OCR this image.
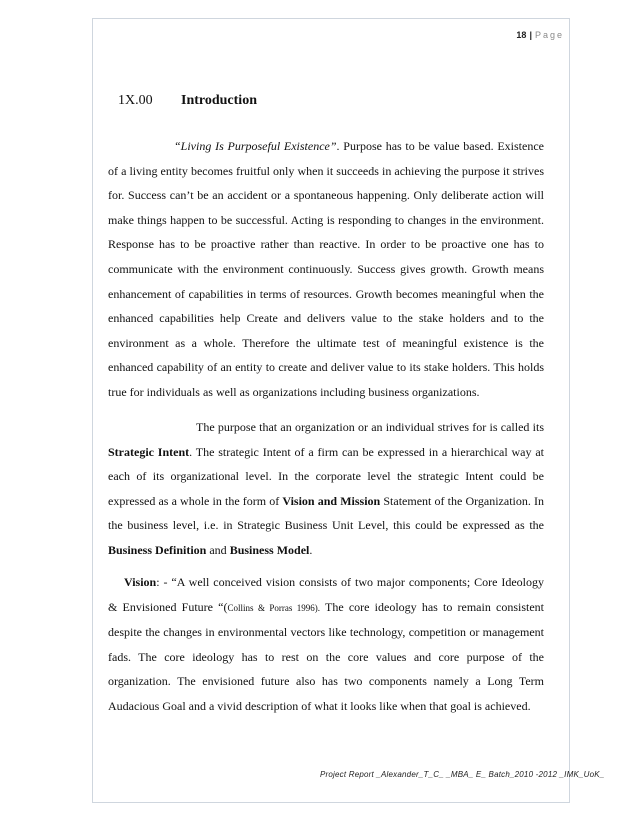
18 | Page
1X.00 Introduction

“Living Is Purposeful Existence”. Purpose has to be value based. Existence of a living entity becomes fruitful only when it succeeds in achieving the purpose it strives for. Success can’t be an accident or a spontaneous happening. Only deliberate action will make things happen to be successful. Acting is responding to changes in the environment. Response has to be proactive rather than reactive. In order to be proactive one has to communicate with the environment continuously. Success gives growth. Growth means enhancement of capabilities in terms of resources. Growth becomes meaningful when the enhanced capabilities help Create and delivers value to the stake holders and to the environment as a whole. Therefore the ultimate test of meaningful existence is the enhanced capability of an entity to create and deliver value to its stake holders. This holds true for individuals as well as organizations including business organizations.

The purpose that an organization or an individual strives for is called its Strategic Intent. The strategic Intent of a firm can be expressed in a hierarchical way at each of its organizational level. In the corporate level the strategic Intent could be expressed as a whole in the form of Vision and Mission Statement of the Organization. In the business level, i.e. in Strategic Business Unit Level, this could be expressed as the Business Definition and Business Model.

Vision: - “A well conceived vision consists of two major components; Core Ideology & Envisioned Future “(Collins & Porras 1996). The core ideology has to remain consistent despite the changes in environmental vectors like technology, competition or management fads. The core ideology has to rest on the core values and core purpose of the organization. The envisioned future also has two components namely a Long Term Audacious Goal and a vivid description of what it looks like when that goal is achieved.

Project Report _Alexander_T_C_ _MBA_ E_ Batch_2010 -2012 _IMK_UoK_
